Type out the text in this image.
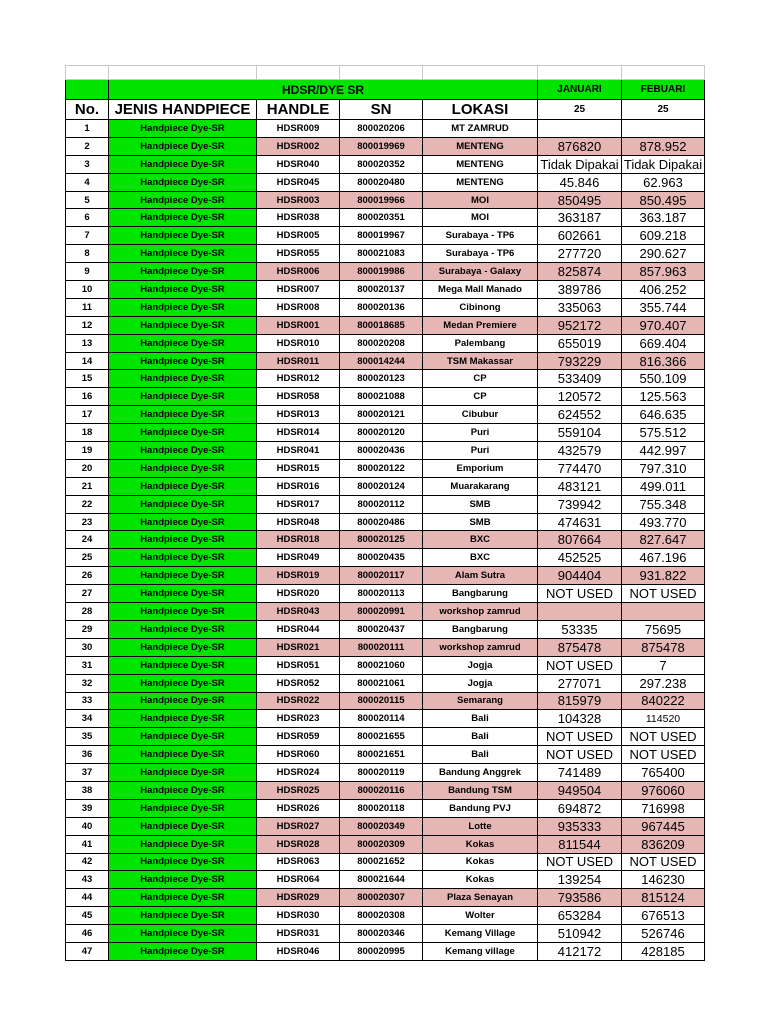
	HDSR/DYE SR				JANUARI	FEBUARI
No.	JENIS HANDPIECE	HANDLE	SN	LOKASI	25	25
1	Handpiece Dye-SR	HDSR009	800020206	MT ZAMRUD		
2	Handpiece Dye-SR	HDSR002	800019969	MENTENG	876820	878.952
3	Handpiece Dye-SR	HDSR040	800020352	MENTENG	Tidak Dipakai	Tidak Dipakai
4	Handpiece Dye-SR	HDSR045	800020480	MENTENG	45.846	62.963
5	Handpiece Dye-SR	HDSR003	800019966	MOI	850495	850.495
6	Handpiece Dye-SR	HDSR038	800020351	MOI	363187	363.187
7	Handpiece Dye-SR	HDSR005	800019967	Surabaya - TP6	602661	609.218
8	Handpiece Dye-SR	HDSR055	800021083	Surabaya - TP6	277720	290.627
9	Handpiece Dye-SR	HDSR006	800019986	Surabaya - Galaxy	825874	857.963
10	Handpiece Dye-SR	HDSR007	800020137	Mega Mall Manado	389786	406.252
11	Handpiece Dye-SR	HDSR008	800020136	Cibinong	335063	355.744
12	Handpiece Dye-SR	HDSR001	800018685	Medan Premiere	952172	970.407
13	Handpiece Dye-SR	HDSR010	800020208	Palembang	655019	669.404
14	Handpiece Dye-SR	HDSR011	800014244	TSM Makassar	793229	816.366
15	Handpiece Dye-SR	HDSR012	800020123	CP	533409	550.109
16	Handpiece Dye-SR	HDSR058	800021088	CP	120572	125.563
17	Handpiece Dye-SR	HDSR013	800020121	Cibubur	624552	646.635
18	Handpiece Dye-SR	HDSR014	800020120	Puri	559104	575.512
19	Handpiece Dye-SR	HDSR041	800020436	Puri	432579	442.997
20	Handpiece Dye-SR	HDSR015	800020122	Emporium	774470	797.310
21	Handpiece Dye-SR	HDSR016	800020124	Muarakarang	483121	499.011
22	Handpiece Dye-SR	HDSR017	800020112	SMB	739942	755.348
23	Handpiece Dye-SR	HDSR048	800020486	SMB	474631	493.770
24	Handpiece Dye-SR	HDSR018	800020125	BXC	807664	827.647
25	Handpiece Dye-SR	HDSR049	800020435	BXC	452525	467.196
26	Handpiece Dye-SR	HDSR019	800020117	Alam Sutra	904404	931.822
27	Handpiece Dye-SR	HDSR020	800020113	Bangbarung	NOT USED	NOT USED
28	Handpiece Dye-SR	HDSR043	800020991	workshop zamrud		
29	Handpiece Dye-SR	HDSR044	800020437	Bangbarung	53335	75695
30	Handpiece Dye-SR	HDSR021	800020111	workshop zamrud	875478	875478
31	Handpiece Dye-SR	HDSR051	800021060	Jogja	NOT USED	7
32	Handpiece Dye-SR	HDSR052	800021061	Jogja	277071	297.238
33	Handpiece Dye-SR	HDSR022	800020115	Semarang	815979	840222
34	Handpiece Dye-SR	HDSR023	800020114	Bali	104328	114520
35	Handpiece Dye-SR	HDSR059	800021655	Bali	NOT USED	NOT USED
36	Handpiece Dye-SR	HDSR060	800021651	Bali	NOT USED	NOT USED
37	Handpiece Dye-SR	HDSR024	800020119	Bandung Anggrek	741489	765400
38	Handpiece Dye-SR	HDSR025	800020116	Bandung TSM	949504	976060
39	Handpiece Dye-SR	HDSR026	800020118	Bandung PVJ	694872	716998
40	Handpiece Dye-SR	HDSR027	800020349	Lotte	935333	967445
41	Handpiece Dye-SR	HDSR028	800020309	Kokas	811544	836209
42	Handpiece Dye-SR	HDSR063	800021652	Kokas	NOT USED	NOT USED
43	Handpiece Dye-SR	HDSR064	800021644	Kokas	139254	146230
44	Handpiece Dye-SR	HDSR029	800020307	Plaza Senayan	793586	815124
45	Handpiece Dye-SR	HDSR030	800020308	Wolter	653284	676513
46	Handpiece Dye-SR	HDSR031	800020346	Kemang Village	510942	526746
47	Handpiece Dye-SR	HDSR046	800020995	Kemang village	412172	428185
